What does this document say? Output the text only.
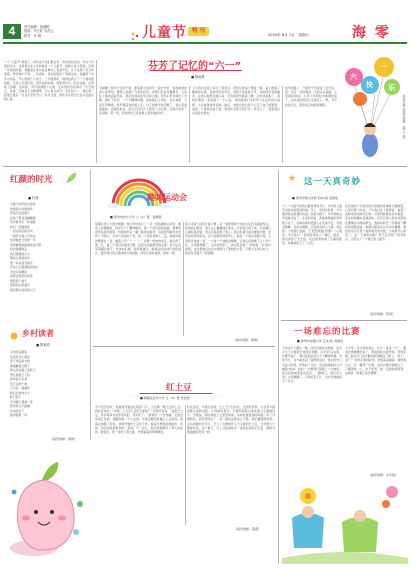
4	责任编辑：蒋湘明
版面：朱长旺 吴浩云
校对：乔 娟	儿童节 特 刊
2024年 6月 1日　星期六	海 零
芬芳了记忆的“六一”
■ 陈雨晨
一个“儿童节”快到了。每年这天我们都会有一些特别的活动。作为六年级的学生，这是我们在小学的最后一个儿童节，我既兴奋又伤感。记得一年级的时候，我戴着红领巾站在舞台上表演节目，台下坐满了家长和老师，掌声响个不停。二年级时，我们班组织了游园活动，我赢得了好多小奖品，开心得像个小孩子。三年级那年，妈妈给我买了一个漂亮的蛋糕，全家人为我庆祝。四年级的时候，我和同学们一起去郊游，在草地上奔跑、放风筝，笑声洒满整个山坡。五年级时学校举办了才艺展示，我第一次独自上台弹钢琴，手心里全是汗。今年的六一，我们将一起度过最后一次在小学的节日。时光飞逝，那些芬芳的记忆会永远留在我心里。
早晨醒了我今天太阳不错，跟着课上的同学一起去学校，校园被装扮得五彩缤纷。操场上挂满了气球和彩带，老师们忙着布置舞台，大家脸上都洋溢着笑容。我们班准备的节目是合唱，同学们早早换好了衣服，排好了队形，一个个精神抖擞。轮到我们上场时，音乐响起，大家齐声歌唱，歌声飘荡在校园上空。台下的掌声热烈极了，我心里美滋滋的。表演结束后，班主任给每个人都发了小礼物，还请大家吃了冰淇淋。那一刻，我觉得自己是世界上最幸福的孩子。
下午我们在班上举行了联欢会。同学们把桌子摆成一圈，桌上堆满了糖果和水果。有的同学讲笑话，逗得大家哈哈大笑；有的同学表演魔术，让我们看得目瞪口呆；还有的同学跳起了舞，动作优美极了。我和好朋友一起表演了一个小品，讲的是我们平时学习生活中的小故事，大家看得津津有味。最后，老师让我们每个人写下自己的愿望，放进一个漂亮的盒子里，等到毕业那天再打开。我写下了：希望我们永远是好朋友。
放学的路上，夕阳把天空染成了金红色。我一边走一边回想这一天的点点滴滴，心里满是感动。小学六年的时光就要结束了，这些美好的回忆会像花儿一样，芬芳我的记忆，陪伴我走向新的旅程。
六
一
快 乐
周佳艺嘉 海陵区周雅 （副 主 编）
红颜的时光
■ 杜林
当夏天的风吹过窗台
我想起小时候的你
穿着红色的裙子
在院子里追着蝴蝶跑
笑声像风铃一样清脆
我们一起数星星
一起在雨后踩水坑
一起趴在桌上写作业
你把橡皮分给我一半
我把糖果偷偷塞进你手里
时光慢慢地走
我们慢慢地长大
那些红颜的时光
像一朵朵盛开的花
开在记忆最柔软的地方
无论走到哪里
我都会想起你的笑
想起那个夏天
想起我们的童年
想起那些美好的日子
乡村读者
■ 陈家明
爷爷的菜园里
住着许多小朋友
茄子穿着紫衣裳
辣椒戴着红帽子
黄瓜挂在藤上荡秋千
西红柿羞红了脸
我拿着小水壶
给它们洗个澡
它们说：谢谢你
我们会快快长大
秋天到了
爷爷摘下满满一筐
我笑得合不拢嘴
乡村的日子
甜得像蜜一样
趣味运动会
■ 泰州市东方小学 六（1）班　高源哲
星期五的下午阳光明媚，我们学校举行了一年一度的趣味运动会。操场上彩旗飘扬，同学们个个精神焕发。第一个项目是袋鼠跳，参赛的同学钻进布袋里，听到哨声后一蹦一跳地往前冲，有的同学跳得太急摔了个跟头，引得大家哈哈大笑。第二个项目是两人三足，我和同桌把腿绑在一起，喊着口号"一二一二"，步调一致地向前走，最后得了第二名。第三个项目是拔河比赛，这是全场最激烈的比赛。双方队员紧紧握住绳子，身体向后倾，脸涨得通红。啦啦队的加油声此起彼伏，最终我们班以微弱的优势获胜。同学们欢呼雀跃，抱成一团。
接下来是"运西瓜"接力赛，每一组要用两个球拍夹住西瓜跑到终点。轮到我们组时，我们小心翼翼地往前走，生怕西瓜掉下来。可是越小心越容易出错，西瓜还是滚到了地上。我们赶紧捡起来继续比赛，虽然没有得到名次，但大家都玩得很开心。最后一个项目是跳大绳，全班同学排成一列，一个接一个地跳进绳圈。当我们连续跳了五十多个时，全场都沸腾了。运动会结束了，我们班获得了"团体第一名"的好成绩。这次趣味运动会让我明白了团结的力量，只要大家齐心协力，就没有克服不了的困难。
（指导老师：郑妍）
红土豆
■ 海陵区府中小学 五（4）班 何佳悦
今天放学回家，我看到外婆坐在厨房门口，正在剥一堆红红的土豆。我好奇地问："外婆，土豆怎么是红色的呀？"外婆笑着说："这是红土豆，是你舅舅从老家带来的，可好吃了。"我拿起一个仔细看，它的皮是淡红色的，圆圆的像一个小皮球。外婆说要给我做红土豆炖肉，我高兴得跳了起来。我帮外婆把土豆洗干净，看着外婆熟练地削皮、切块，然后放进锅里和肉一起炖。不一会儿，厨房里就飘出了诱人的香味。晚饭时，我一连吃了两大碗，外婆看着我笑眯眯的。
吃完饭后，外婆告诉我，红土豆不仅好吃，还很有营养，它含有丰富的维生素和淀粉。小时候家里穷，外婆和舅舅们常常靠土豆填饱肚子。外婆说，那时候的土豆虽然简单，但却是最香甜的味道。听了外婆的话，我突然明白了，每一顿饭菜都来之不易，我们要懂得珍惜。以后我要好好学习，长大了也要种出又大又甜的红土豆，让外婆天天都能吃到。这个夏天，红土豆的香味会一直留在我的记忆里，就像外婆温暖的笑容一样。
（指导老师：高燕）
★ 这一天真奇妙
■ 泰州市泰山学校 四(1)班 吴思瑶
"六一"儿童节是我们最喜欢的节日，今年的儿童节对我来说更加特别。早上，妈妈告诉我，今天要带我去参观科技馆。我高兴极了，早早地吃完早饭就出发了。走进科技馆，我就被眼前的景象吸引住了。各种各样的机器人在表演节目，有的会跳舞，有的会唱歌，还有的会和人下棋。我走到一个机器人面前，它竟然向我打招呼："小朋友，节日快乐！"我惊讶得张大了嘴巴。接着，我们来到了太空馆，在这里我体验了失重的感觉，仿佛真的飞上了太空。
我还看到了宇航员的宇航服和各种航天器模型，心里充满了向往。下午我们去了海洋馆，看到了各种各样的海洋生物。可爱的海豚在水中跳跃，顽皮的海狮在表演顶球，还有五颜六色的热带鱼在珊瑚丛中游来游去。我和妈妈还一起观看了精彩的海豚表演，海豚们随着音乐在水中翻腾，溅起的水花打湿了前排观众的衣服，大家都开心地笑了。这一天真奇妙啊！我不仅学到了很多知识，还度过了一个难忘的儿童节。
（指导老师：郑玥）
一场难忘的比赛
■ 泰州市东城小学 五(1)班 刘雨辰
"叮铃铃"下课铃一响，同学们就冲出教室，因为今天下午要进行班级足球赛，对手是五(2)班。比赛开始了，我们班的队员们个个精神抖擞。开场不久，对方就发起了猛烈的进攻，我们的守门员奋力扑救，把球挡了出去。场边的啦啦队大声喊着"加油！加油！"比赛进行到第二十分钟时，我们班的前锋抓住机会，一脚射门，球应声入网！全场沸腾了。可是好景不长，对方很快就扳平了比分。
下半场，双方你来我往，比分一直是一比一。眼看比赛就要结束了，我接到队友的传球，带球突破，面对守门员冷静地把球踢进了球门。"进了！进了！"同学们欢呼起来，把我高高抛起。最终我们以二比一赢得了比赛。这场比赛让我明白了，只要团结一心，永不放弃，就一定能取得胜利。这真是一场难忘的比赛啊！
（指导老师：乔永菊）
（指导老师：郑妍）
